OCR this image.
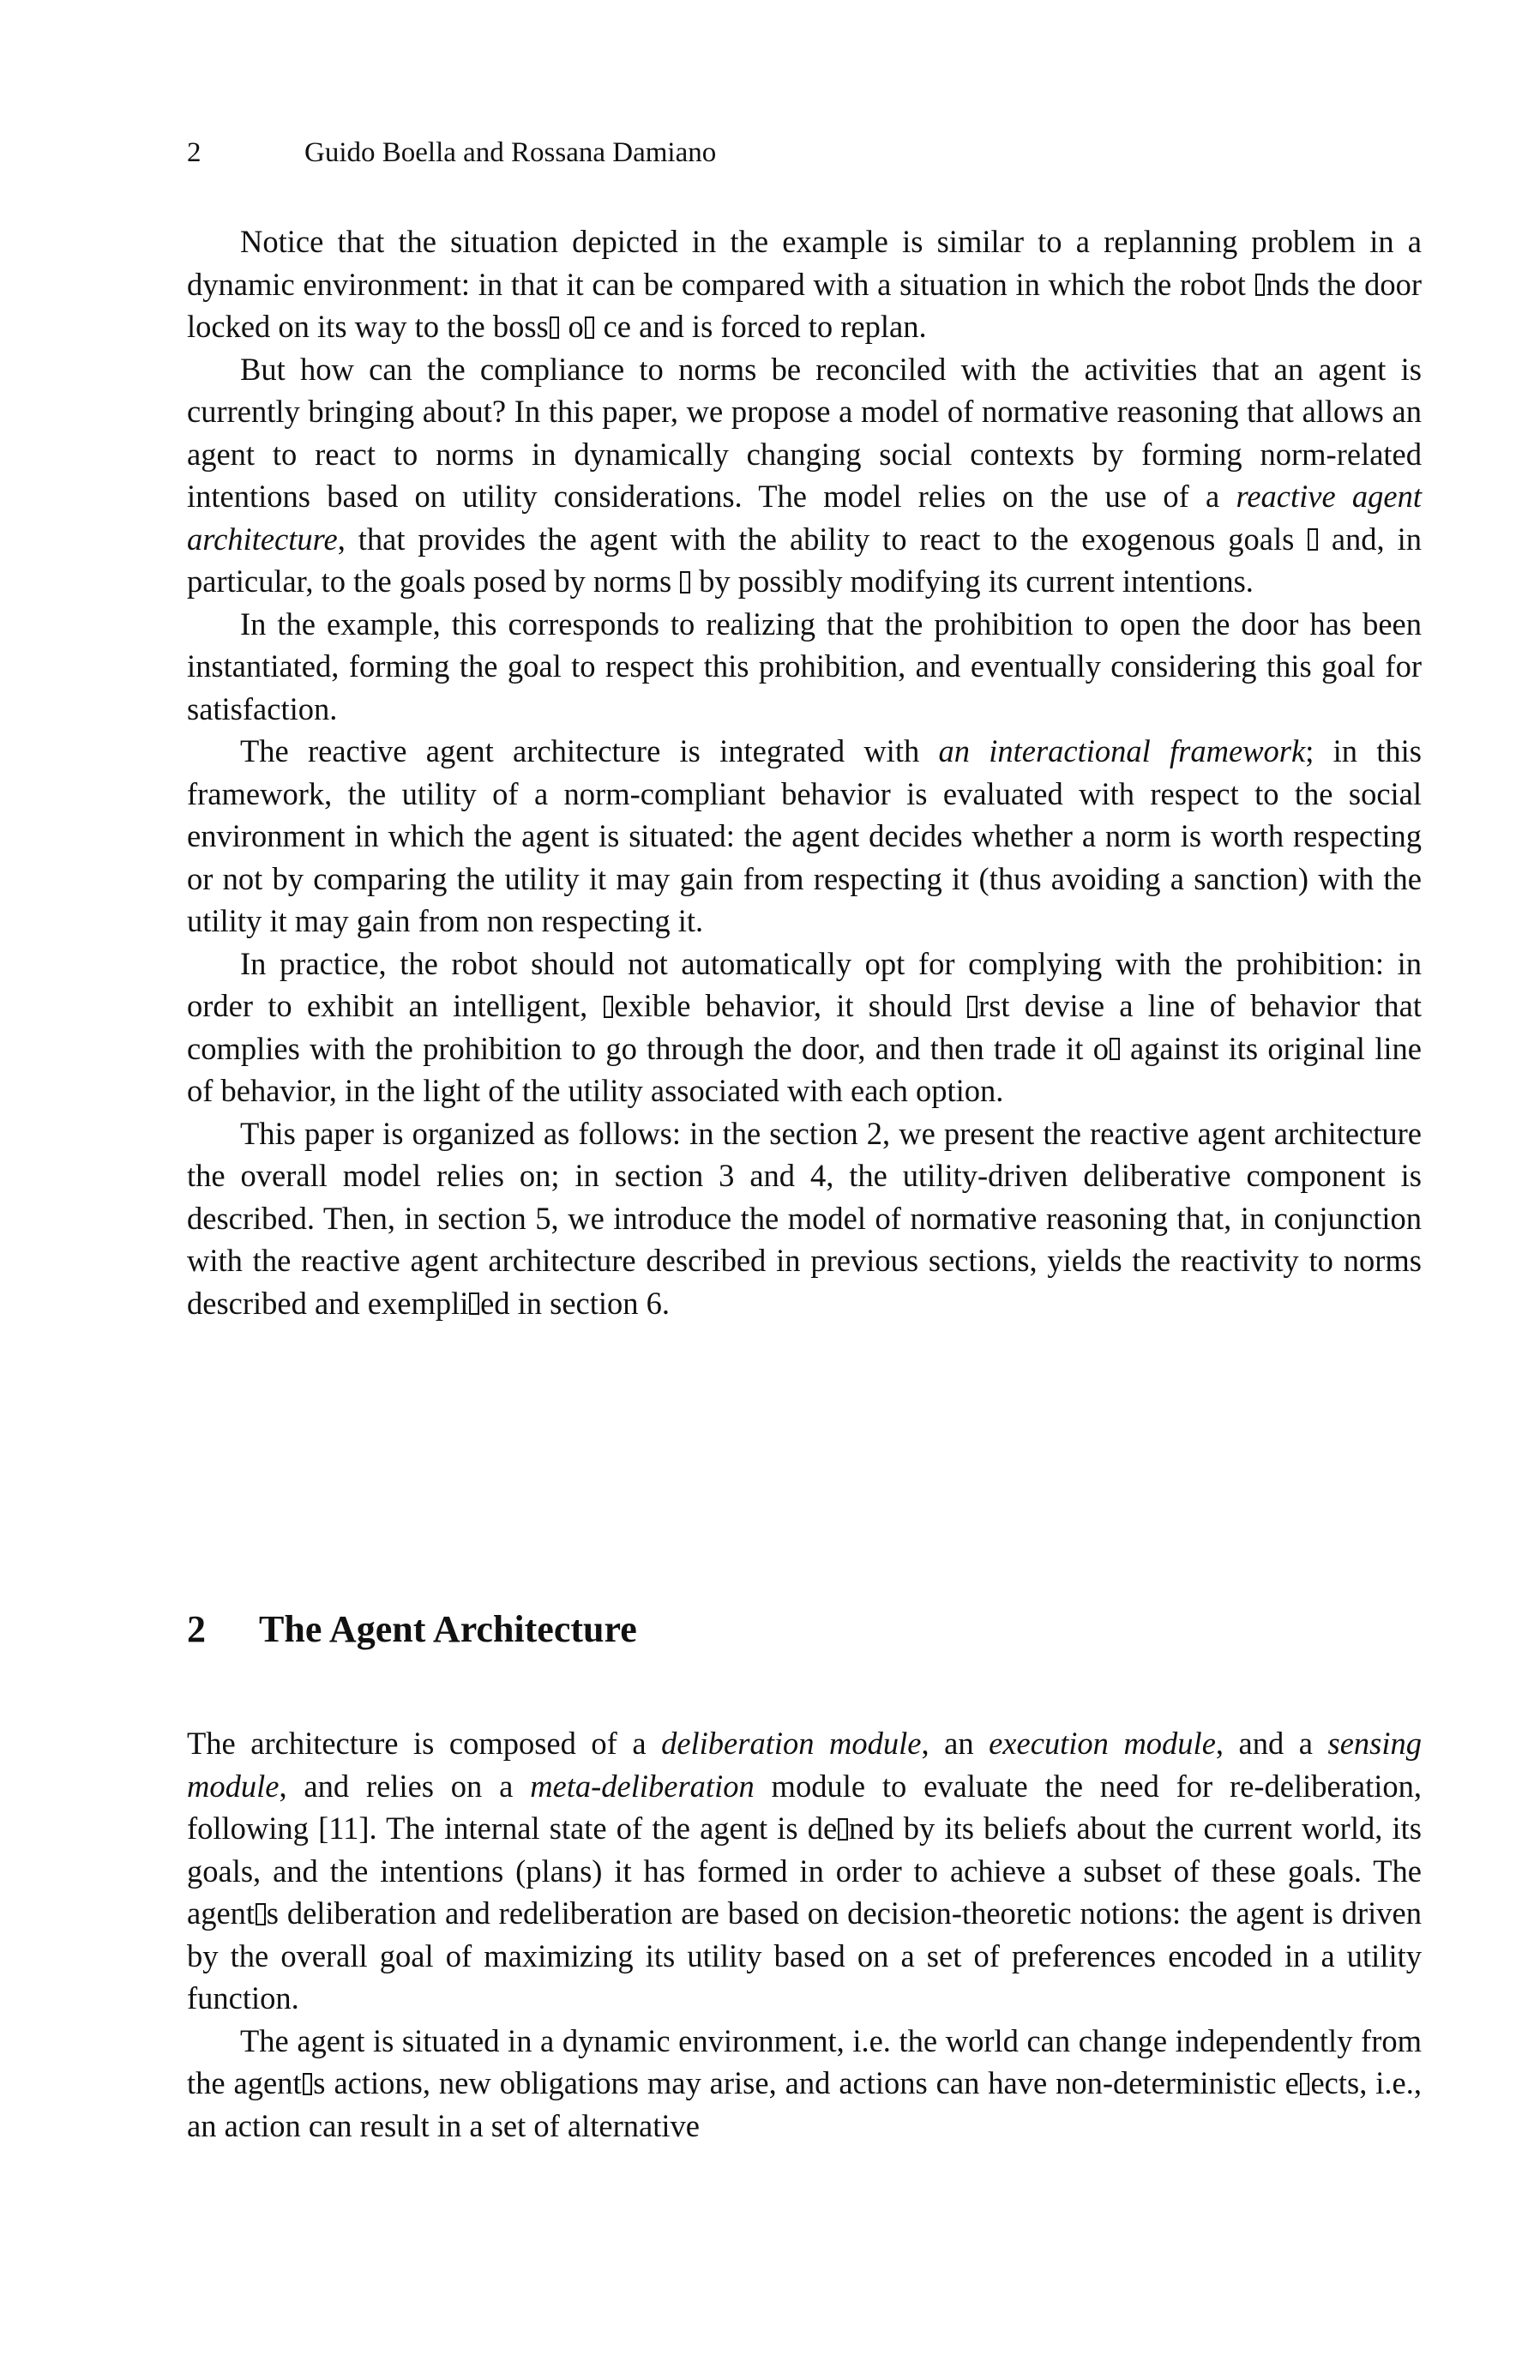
2	Guido Boella and Rossana Damiano

Notice that the situation depicted in the example is similar to a replanning problem in a dynamic environment: in that it can be compared with a situation in which the robot nds the door locked on its way to the boss o ce and is forced to replan.

But how can the compliance to norms be reconciled with the activities that an agent is currently bringing about? In this paper, we propose a model of normative reasoning that allows an agent to react to norms in dynamically changing social contexts by forming norm-related intentions based on utility considerations. The model relies on the use of a reactive agent architecture, that provides the agent with the ability to react to the exogenous goals  and, in particular, to the goals posed by norms  by possibly modifying its current intentions.

In the example, this corresponds to realizing that the prohibition to open the door has been instantiated, forming the goal to respect this prohibition, and eventually considering this goal for satisfaction.

The reactive agent architecture is integrated with an interactional framework; in this framework, the utility of a norm-compliant behavior is evaluated with respect to the social environment in which the agent is situated: the agent decides whether a norm is worth respecting or not by comparing the utility it may gain from respecting it (thus avoiding a sanction) with the utility it may gain from non respecting it.

In practice, the robot should not automatically opt for complying with the prohibition: in order to exhibit an intelligent, exible behavior, it should rst devise a line of behavior that complies with the prohibition to go through the door, and then trade it o against its original line of behavior, in the light of the utility associated with each option.

This paper is organized as follows: in the section 2, we present the reactive agent architecture the overall model relies on; in section 3 and 4, the utility-driven deliberative component is described. Then, in section 5, we introduce the model of normative reasoning that, in conjunction with the reactive agent architecture described in previous sections, yields the reactivity to norms described and exempli ed in section 6.

2 The Agent Architecture

The architecture is composed of a deliberation module, an execution module, and a sensing module, and relies on a meta-deliberation module to evaluate the need for re-deliberation, following [11]. The internal state of the agent is de ned by its beliefs about the current world, its goals, and the intentions (plans) it has formed in order to achieve a subset of these goals. The agent s deliberation and redeliberation are based on decision-theoretic notions: the agent is driven by the overall goal of maximizing its utility based on a set of preferences encoded in a utility function.

The agent is situated in a dynamic environment, i.e. the world can change independently from the agent s actions, new obligations may arise, and actions can have non-deterministic e ects, i.e., an action can result in a set of alternative
